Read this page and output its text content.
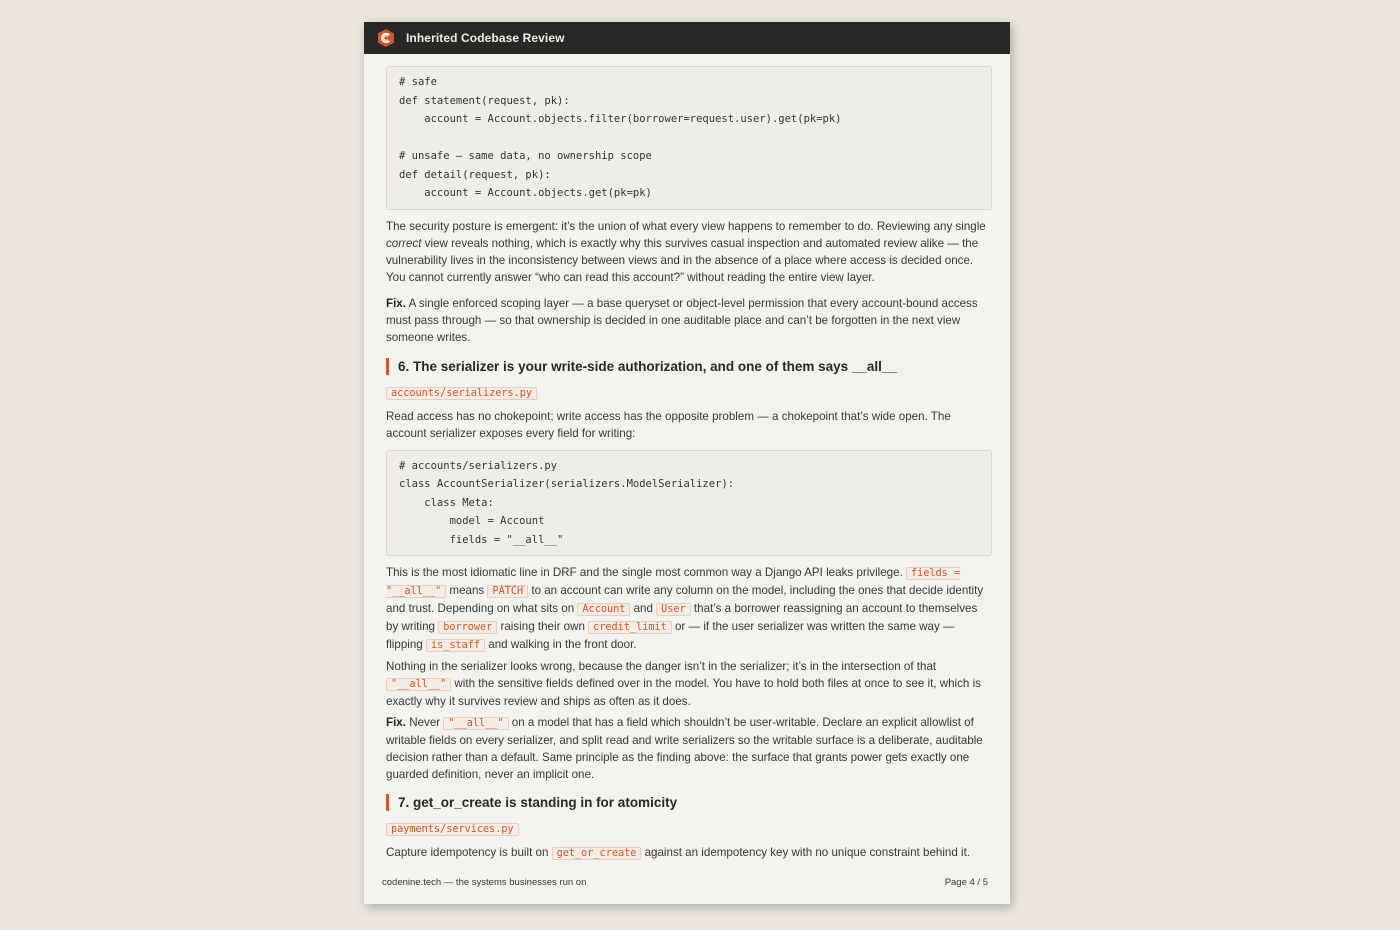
Inherited Codebase Review
# safe
def statement(request, pk):
account = Account.objects.filter(borrower=request.user).get(pk=pk)

# unsafe — same data, no ownership scope
def detail(request, pk):
account = Account.objects.get(pk=pk)

The security posture is emergent: it’s the union of what every view happens to remember to do. Reviewing any single correct view reveals nothing, which is exactly why this survives casual inspection and automated review alike — the vulnerability lives in the inconsistency between views and in the absence of a place where access is decided once. You cannot currently answer “who can read this account?” without reading the entire view layer.

Fix. A single enforced scoping layer — a base queryset or object-level permission that every account-bound access must pass through — so that ownership is decided in one auditable place and can’t be forgotten in the next view someone writes.

6. The serializer is your write-side authorization, and one of them says __all__

accounts/serializers.py

Read access has no chokepoint; write access has the opposite problem — a chokepoint that’s wide open. The account serializer exposes every field for writing:

# accounts/serializers.py
class AccountSerializer(serializers.ModelSerializer):
class Meta:
model = Account
fields = "__all__"

This is the most idiomatic line in DRF and the single most common way a Django API leaks privilege. fields = "__all__" means PATCH to an account can write any column on the model, including the ones that decide identity and trust. Depending on what sits on Account and User that’s a borrower reassigning an account to themselves by writing borrower raising their own credit_limit or — if the user serializer was written the same way — flipping is_staff and walking in the front door.

Nothing in the serializer looks wrong, because the danger isn’t in the serializer; it’s in the intersection of that "__all__" with the sensitive fields defined over in the model. You have to hold both files at once to see it, which is exactly why it survives review and ships as often as it does.

Fix. Never "__all__" on a model that has a field which shouldn’t be user-writable. Declare an explicit allowlist of writable fields on every serializer, and split read and write serializers so the writable surface is a deliberate, auditable decision rather than a default. Same principle as the finding above: the surface that grants power gets exactly one guarded definition, never an implicit one.

7. get_or_create is standing in for atomicity

payments/services.py

Capture idempotency is built on get_or_create against an idempotency key with no unique constraint behind it.

codenine.tech — the systems businesses run on	Page 4 / 5
